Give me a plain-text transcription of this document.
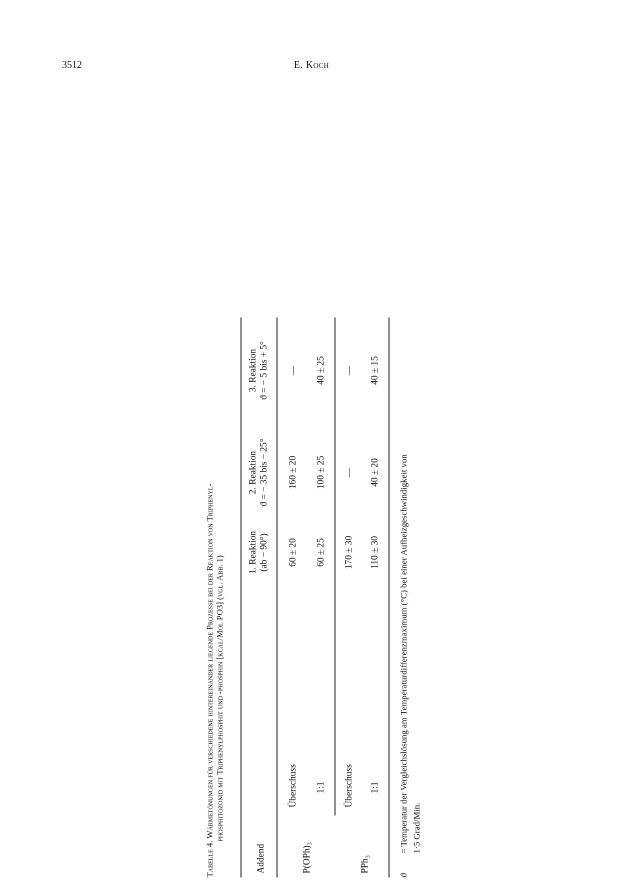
3512	E. Koch
Tabelle 4. Wärmetönungen für verschiedene hintereinander liegende Prozesse bei der Reaktion von Triphenyl- phosphitozonid mit Triphenylphosphit und -phosphin [kcal/Mol PO3] (vgl. Abb. 1)
Addend
1. Reaktion (ab − 90°)
2. Reaktion ϑ = − 35 bis − 25°
3. Reaktion ϑ = − 5 bis + 5°
P(OPh)₃
Überschuss
60 ± 20
160 ± 20
—
1:1
60 ± 25
100 ± 25
40 ± 25
PPh₃
Überschuss
170 ± 30
—
—
1:1
110 ± 30
40 ± 20
40 ± 15
ϑ= Temperatur der Vergleichslösung am Temperaturdifferenzmaximum (°C) bei einer Aufheizgeschwindigkeit von 1·5 Grad/Min.
